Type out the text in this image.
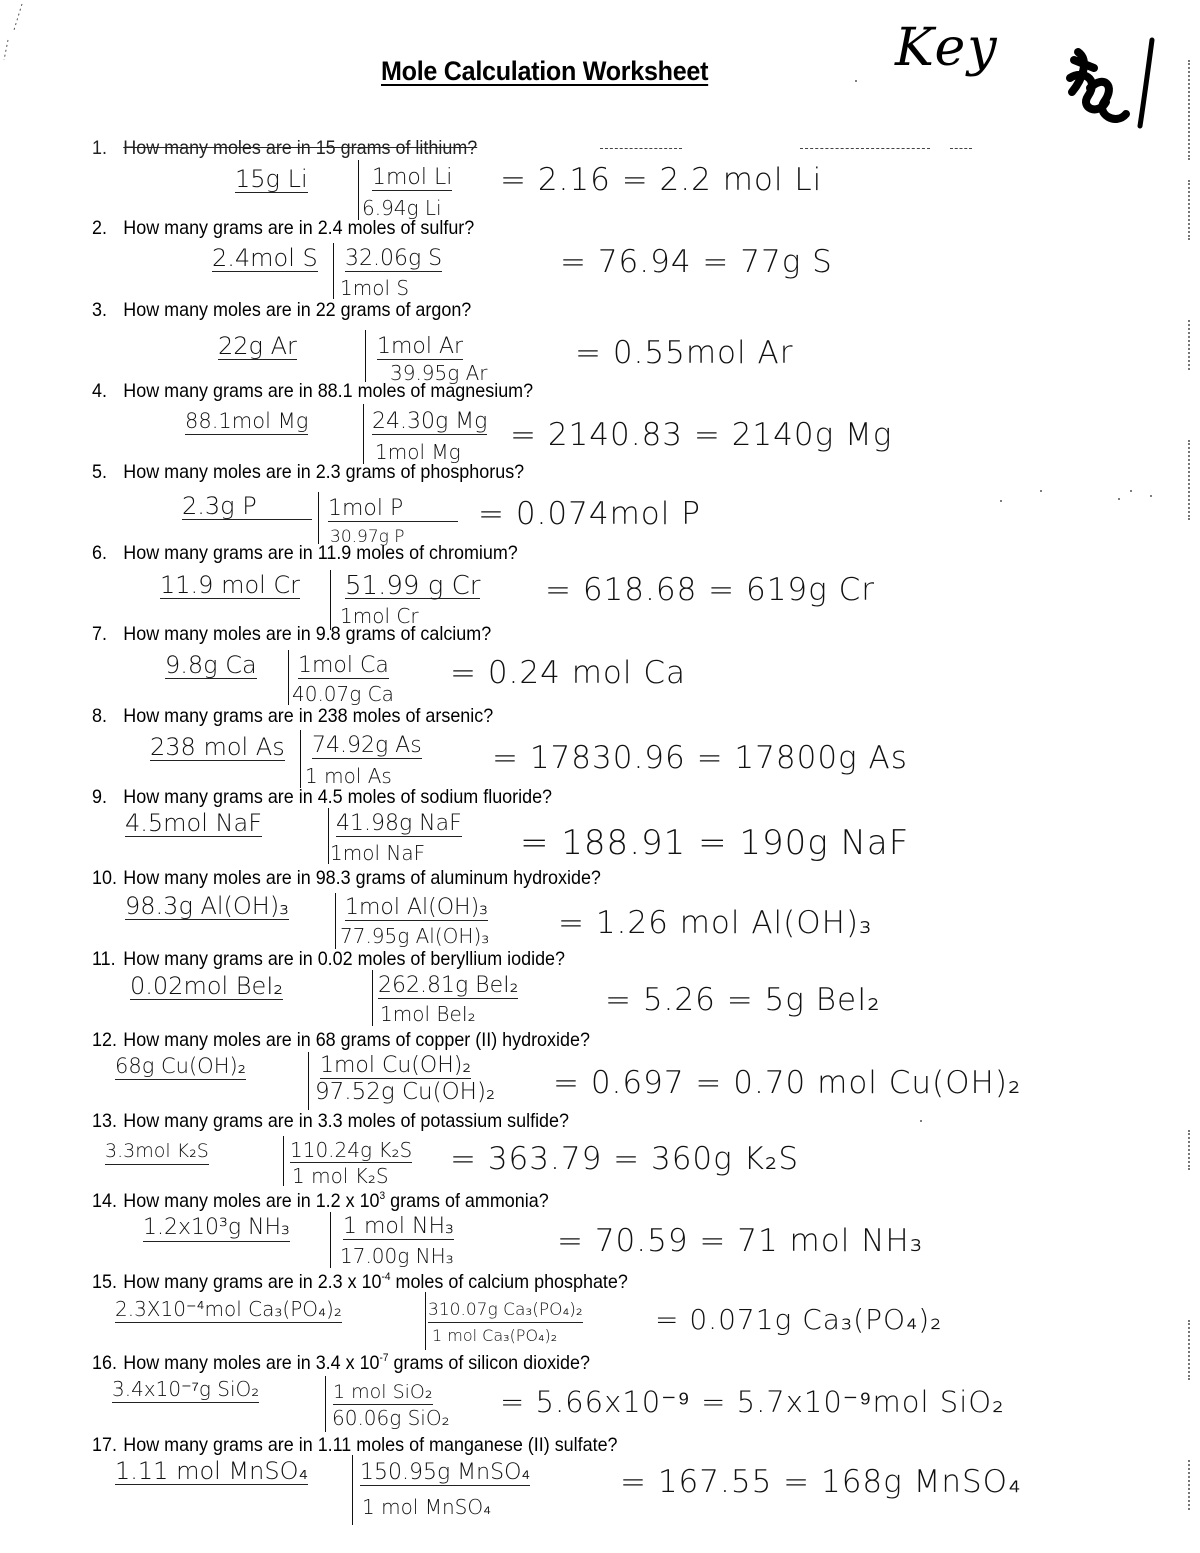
Mole Calculation Worksheet	Key
1. How many moles are in 15 grams of lithium?
15g Li	1mol Li
6.94g Li
= 2.16 = 2.2 mol Li
2. How many grams are in 2.4 moles of sulfur?
2.4mol S 32.06g S
1mol S
= 76.94 = 77g S
3. How many moles are in 22 grams of argon?
22g Ar	1mol Ar
39.95g Ar
= 0.55mol Ar
4. How many grams are in 88.1 moles of magnesium?
88.1mol Mg	24.30g Mg
1mol Mg = 2140.83 = 2140g Mg
5. How many moles are in 2.3 grams of phosphorus?
2.3g P	1mol P
30.97g P
= 0.074mol P
6. How many grams are in 11.9 moles of chromium?
11.9 mol Cr 51.99 g Cr
1mol Cr
= 618.68 = 619g Cr
7. How many moles are in 9.8 grams of calcium?
9.8g Ca 1mol Ca
40.07g Ca
= 0.24 mol Ca
8. How many grams are in 238 moles of arsenic?
238 mol As 74.92g As
1 mol As	= 17830.96 = 17800g As
9. How many grams are in 4.5 moles of sodium fluoride?
4.5mol NaF	41.98g NaF
1mol NaF	= 188.91 = 190g NaF
10. How many moles are in 98.3 grams of aluminum hydroxide?
98.3g Al(OH)₃	1mol Al(OH)₃
77.95g Al(OH)₃ = 1.26 mol Al(OH)₃
11. How many grams are in 0.02 moles of beryllium iodide?
0.02mol BeI₂	262.81g BeI₂
1mol BeI₂	= 5.26 = 5g BeI₂
12. How many moles are in 68 grams of copper (II) hydroxide?
68g Cu(OH)₂	1mol Cu(OH)₂
97.52g Cu(OH)₂ = 0.697 = 0.70 mol Cu(OH)₂
13. How many grams are in 3.3 moles of potassium sulfide?
3.3mol K₂S	110.24g K₂S
1 mol K₂S = 363.79 = 360g K₂S
14. How many moles are in 1.2 x $10^3$ grams of ammonia?
1.2x10³g NH₃ 1 mol NH₃
17.00g NH₃	= 70.59 = 71 mol NH₃
15. How many grams are in 2.3 x $10^{-4}$ moles of calcium phosphate?
2.3X10⁻⁴mol Ca₃(PO₄)₂	310.07g Ca₃(PO₄)₂
1 mol Ca₃(PO₄)₂	= 0.071g Ca₃(PO₄)₂
16. How many moles are in 3.4 x $10^{-7}$ grams of silicon dioxide?
3.4x10⁻⁷g SiO₂	1 mol SiO₂
60.06g SiO₂ = 5.66x10⁻⁹ = 5.7x10⁻⁹mol SiO₂
17. How many grams are in 1.11 moles of manganese (II) sulfate?
1.11 mol MnSO₄ 150.95g MnSO₄
1 mol MnSO₄
= 167.55 = 168g MnSO₄
